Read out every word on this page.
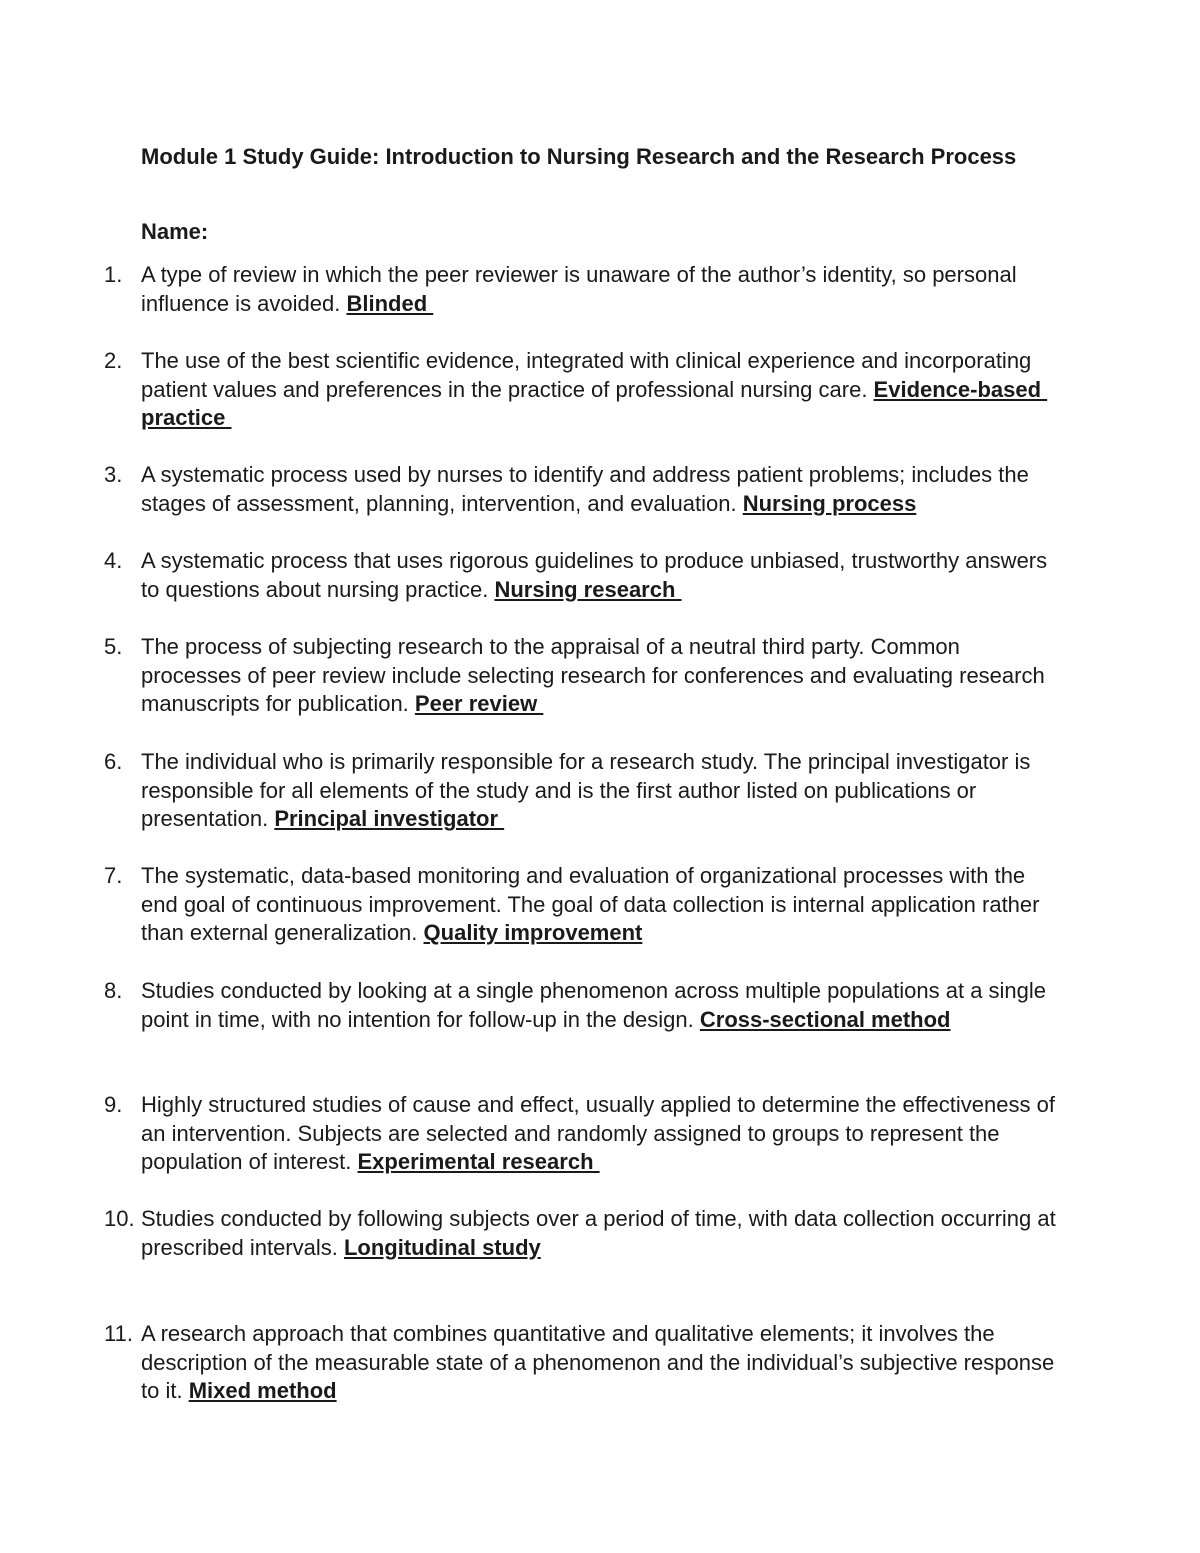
Module 1 Study Guide: Introduction to Nursing Research and the Research Process
Name:
1. A type of review in which the peer reviewer is unaware of the author’s identity, so personal influence is avoided. Blinded
2. The use of the best scientific evidence, integrated with clinical experience and incorporating patient values and preferences in the practice of professional nursing care. Evidence-based practice
3. A systematic process used by nurses to identify and address patient problems; includes the stages of assessment, planning, intervention, and evaluation. Nursing process
4. A systematic process that uses rigorous guidelines to produce unbiased, trustworthy answers to questions about nursing practice. Nursing research
5. The process of subjecting research to the appraisal of a neutral third party. Common processes of peer review include selecting research for conferences and evaluating research manuscripts for publication. Peer review
6. The individual who is primarily responsible for a research study. The principal investigator is responsible for all elements of the study and is the first author listed on publications or presentation. Principal investigator
7. The systematic, data-based monitoring and evaluation of organizational processes with the end goal of continuous improvement. The goal of data collection is internal application rather than external generalization. Quality improvement
8. Studies conducted by looking at a single phenomenon across multiple populations at a single point in time, with no intention for follow-up in the design. Cross-sectional method
9. Highly structured studies of cause and effect, usually applied to determine the effectiveness of an intervention. Subjects are selected and randomly assigned to groups to represent the population of interest. Experimental research
10. Studies conducted by following subjects over a period of time, with data collection occurring at prescribed intervals. Longitudinal study
11. A research approach that combines quantitative and qualitative elements; it involves the description of the measurable state of a phenomenon and the individual’s subjective response to it. Mixed method
